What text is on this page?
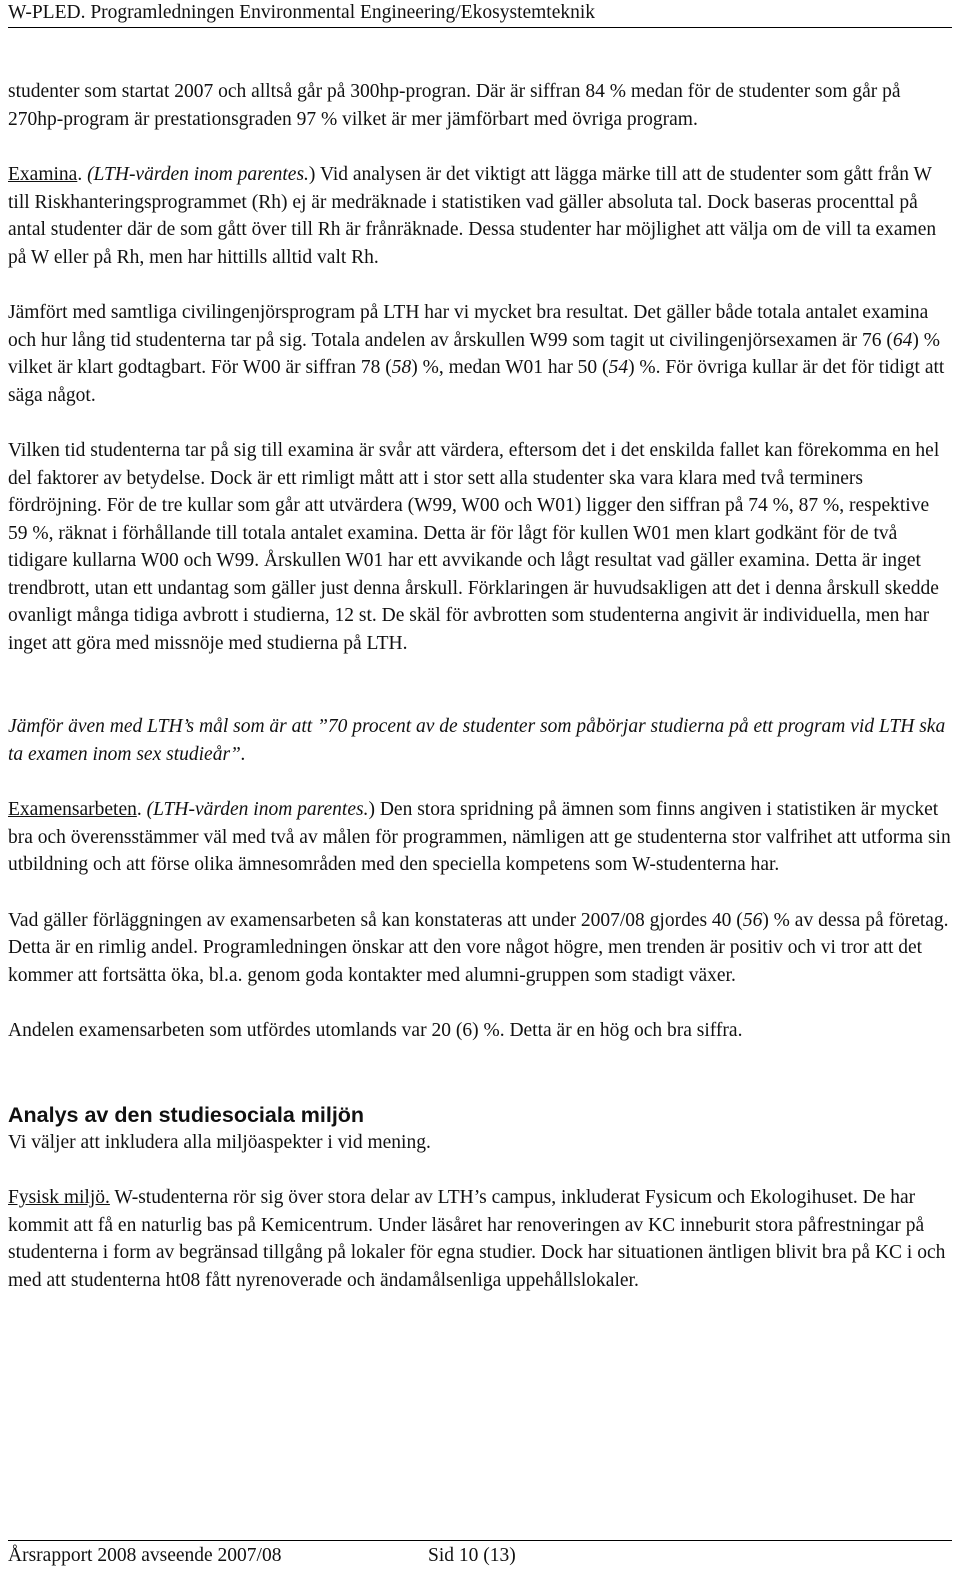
W-PLED. Programledningen Environmental Engineering/Ekosystemteknik

studenter som startat 2007 och alltså går på 300hp-progran. Där är siffran 84 % medan för de studenter som går på 270hp-program är prestationsgraden 97 % vilket är mer jämförbart med övriga program.

Examina. (LTH-värden inom parentes.) Vid analysen är det viktigt att lägga märke till att de studenter som gått från W till Riskhanteringsprogrammet (Rh) ej är medräknade i statistiken vad gäller absoluta tal. Dock baseras procenttal på antal studenter där de som gått över till Rh är frånräknade. Dessa studenter har möjlighet att välja om de vill ta examen på W eller på Rh, men har hittills alltid valt Rh.

Jämfört med samtliga civilingenjörsprogram på LTH har vi mycket bra resultat. Det gäller både totala antalet examina och hur lång tid studenterna tar på sig. Totala andelen av årskullen W99 som tagit ut civilingenjörsexamen är 76 (64) % vilket är klart godtagbart. För W00 är siffran 78 (58) %, medan W01 har 50 (54) %. För övriga kullar är det för tidigt att säga något.

Vilken tid studenterna tar på sig till examina är svår att värdera, eftersom det i det enskilda fallet kan förekomma en hel del faktorer av betydelse. Dock är ett rimligt mått att i stor sett alla studenter ska vara klara med två terminers fördröjning. För de tre kullar som går att utvärdera (W99, W00 och W01) ligger den siffran på 74 %, 87 %, respektive 59 %, räknat i förhållande till totala antalet examina. Detta är för lågt för kullen W01 men klart godkänt för de två tidigare kullarna W00 och W99. Årskullen W01 har ett avvikande och lågt resultat vad gäller examina. Detta är inget trendbrott, utan ett undantag som gäller just denna årskull. Förklaringen är huvudsakligen att det i denna årskull skedde ovanligt många tidiga avbrott i studierna, 12 st. De skäl för avbrotten som studenterna angivit är individuella, men har inget att göra med missnöje med studierna på LTH.

Jämför även med LTH’s mål som är att ”70 procent av de studenter som påbörjar studierna på ett program vid LTH ska ta examen inom sex studieår”.

Examensarbeten. (LTH-värden inom parentes.) Den stora spridning på ämnen som finns angiven i statistiken är mycket bra och överensstämmer väl med två av målen för programmen, nämligen att ge studenterna stor valfrihet att utforma sin utbildning och att förse olika ämnesområden med den speciella kompetens som W-studenterna har.

Vad gäller förläggningen av examensarbeten så kan konstateras att under 2007/08 gjordes 40 (56) % av dessa på företag. Detta är en rimlig andel. Programledningen önskar att den vore något högre, men trenden är positiv och vi tror att det kommer att fortsätta öka, bl.a. genom goda kontakter med alumni-gruppen som stadigt växer.

Andelen examensarbeten som utfördes utomlands var 20 (6) %. Detta är en hög och bra siffra.

Analys av den studiesociala miljön

Vi väljer att inkludera alla miljöaspekter i vid mening.

Fysisk miljö. W-studenterna rör sig över stora delar av LTH’s campus, inkluderat Fysicum och Ekologihuset. De har kommit att få en naturlig bas på Kemicentrum. Under läsåret har renoveringen av KC inneburit stora påfrestningar på studenterna i form av begränsad tillgång på lokaler för egna studier. Dock har situationen äntligen blivit bra på KC i och med att studenterna ht08 fått nyrenoverade och ändamålsenliga uppehållslokaler.

Årsrapport 2008 avseende 2007/08	Sid 10 (13)
